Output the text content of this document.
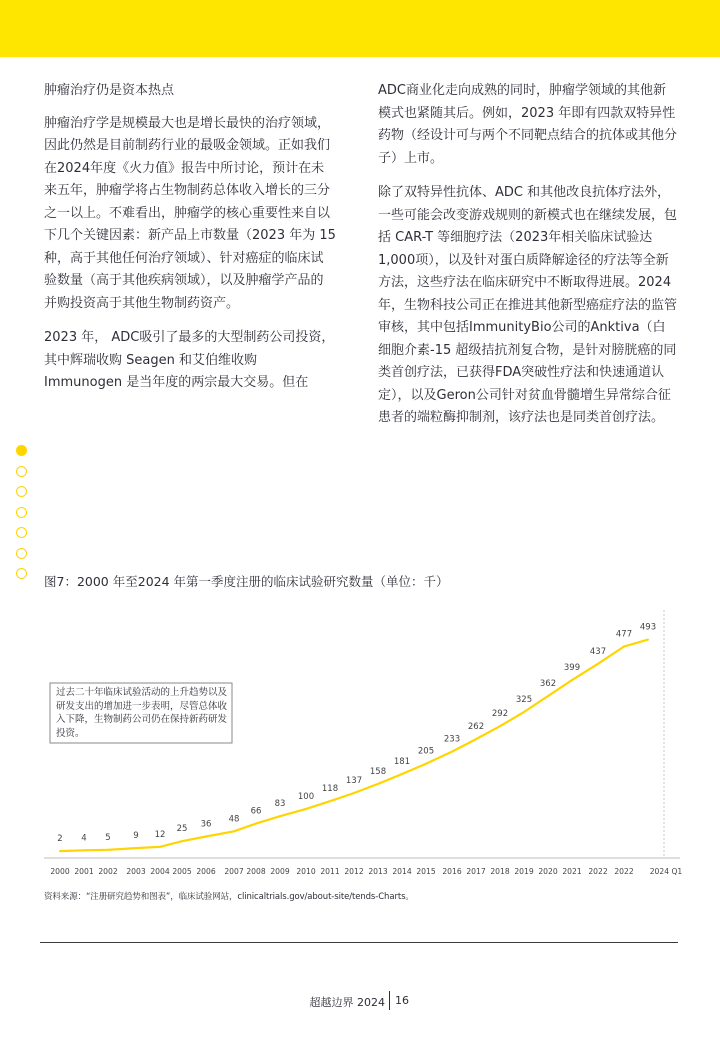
肿瘤治疗仍是资本热点

肿瘤治疗学是规模最大也是增长最快的治疗领域，因此仍然是目前制药行业的最吸金领域。正如我们在2024年度《火力值》报告中所讨论，预计在未来五年，肿瘤学将占生物制药总体收入增长的三分之一以上。不难看出，肿瘤学的核心重要性来自以下几个关键因素：新产品上市数量（2023 年为 15 种，高于其他任何治疗领域）、针对癌症的临床试验数量（高于其他疾病领域），以及肿瘤学产品的并购投资高于其他生物制药资产。

2023 年， ADC吸引了最多的大型制药公司投资，其中辉瑞收购 Seagen 和艾伯维收购 Immunogen 是当年度的两宗最大交易。但在

ADC商业化走向成熟的同时，肿瘤学领域的其他新模式也紧随其后。例如，2023 年即有四款双特异性药物（经设计可与两个不同靶点结合的抗体或其他分子）上市。

除了双特异性抗体、ADC 和其他改良抗体疗法外，一些可能会改变游戏规则的新模式也在继续发展，包括 CAR-T 等细胞疗法（2023年相关临床试验达1,000项），以及针对蛋白质降解途径的疗法等全新方法，这些疗法在临床研究中不断取得进展。2024年，生物科技公司正在推进其他新型癌症疗法的监管审核，其中包括ImmunityBio公司的Anktiva（白细胞介素-15 超级拮抗剂复合物，是针对膀胱癌的同类首创疗法，已获得FDA突破性疗法和快速通道认定），以及Geron公司针对贫血骨髓增生异常综合征患者的端粒酶抑制剂，该疗法也是同类首创疗法。

图7：2000 年至2024 年第一季度注册的临床试验研究数量（单位：千）
2 4 5	9 12
25 36
48
66
83
100
118
137
158
181
205
233
262
292
325
362
399
437
477
493
2000 2001 2002 2003 2004 2005 2006 2007 2008 2009 2010 2011 2012 2013 2014 2015 2016 2017 2018 2019 2020 2021 2022 2022 2024 Q1
过去二十年临床试验活动的上升趋势以及研发支出的增加进一步表明，尽管总体收入下降，生物制药公司仍在保持新药研发投资。
资料来源：“注册研究趋势和图表”，临床试验网站，clinicaltrials.gov/about-site/tends-Charts。
超越边界 2024 16
